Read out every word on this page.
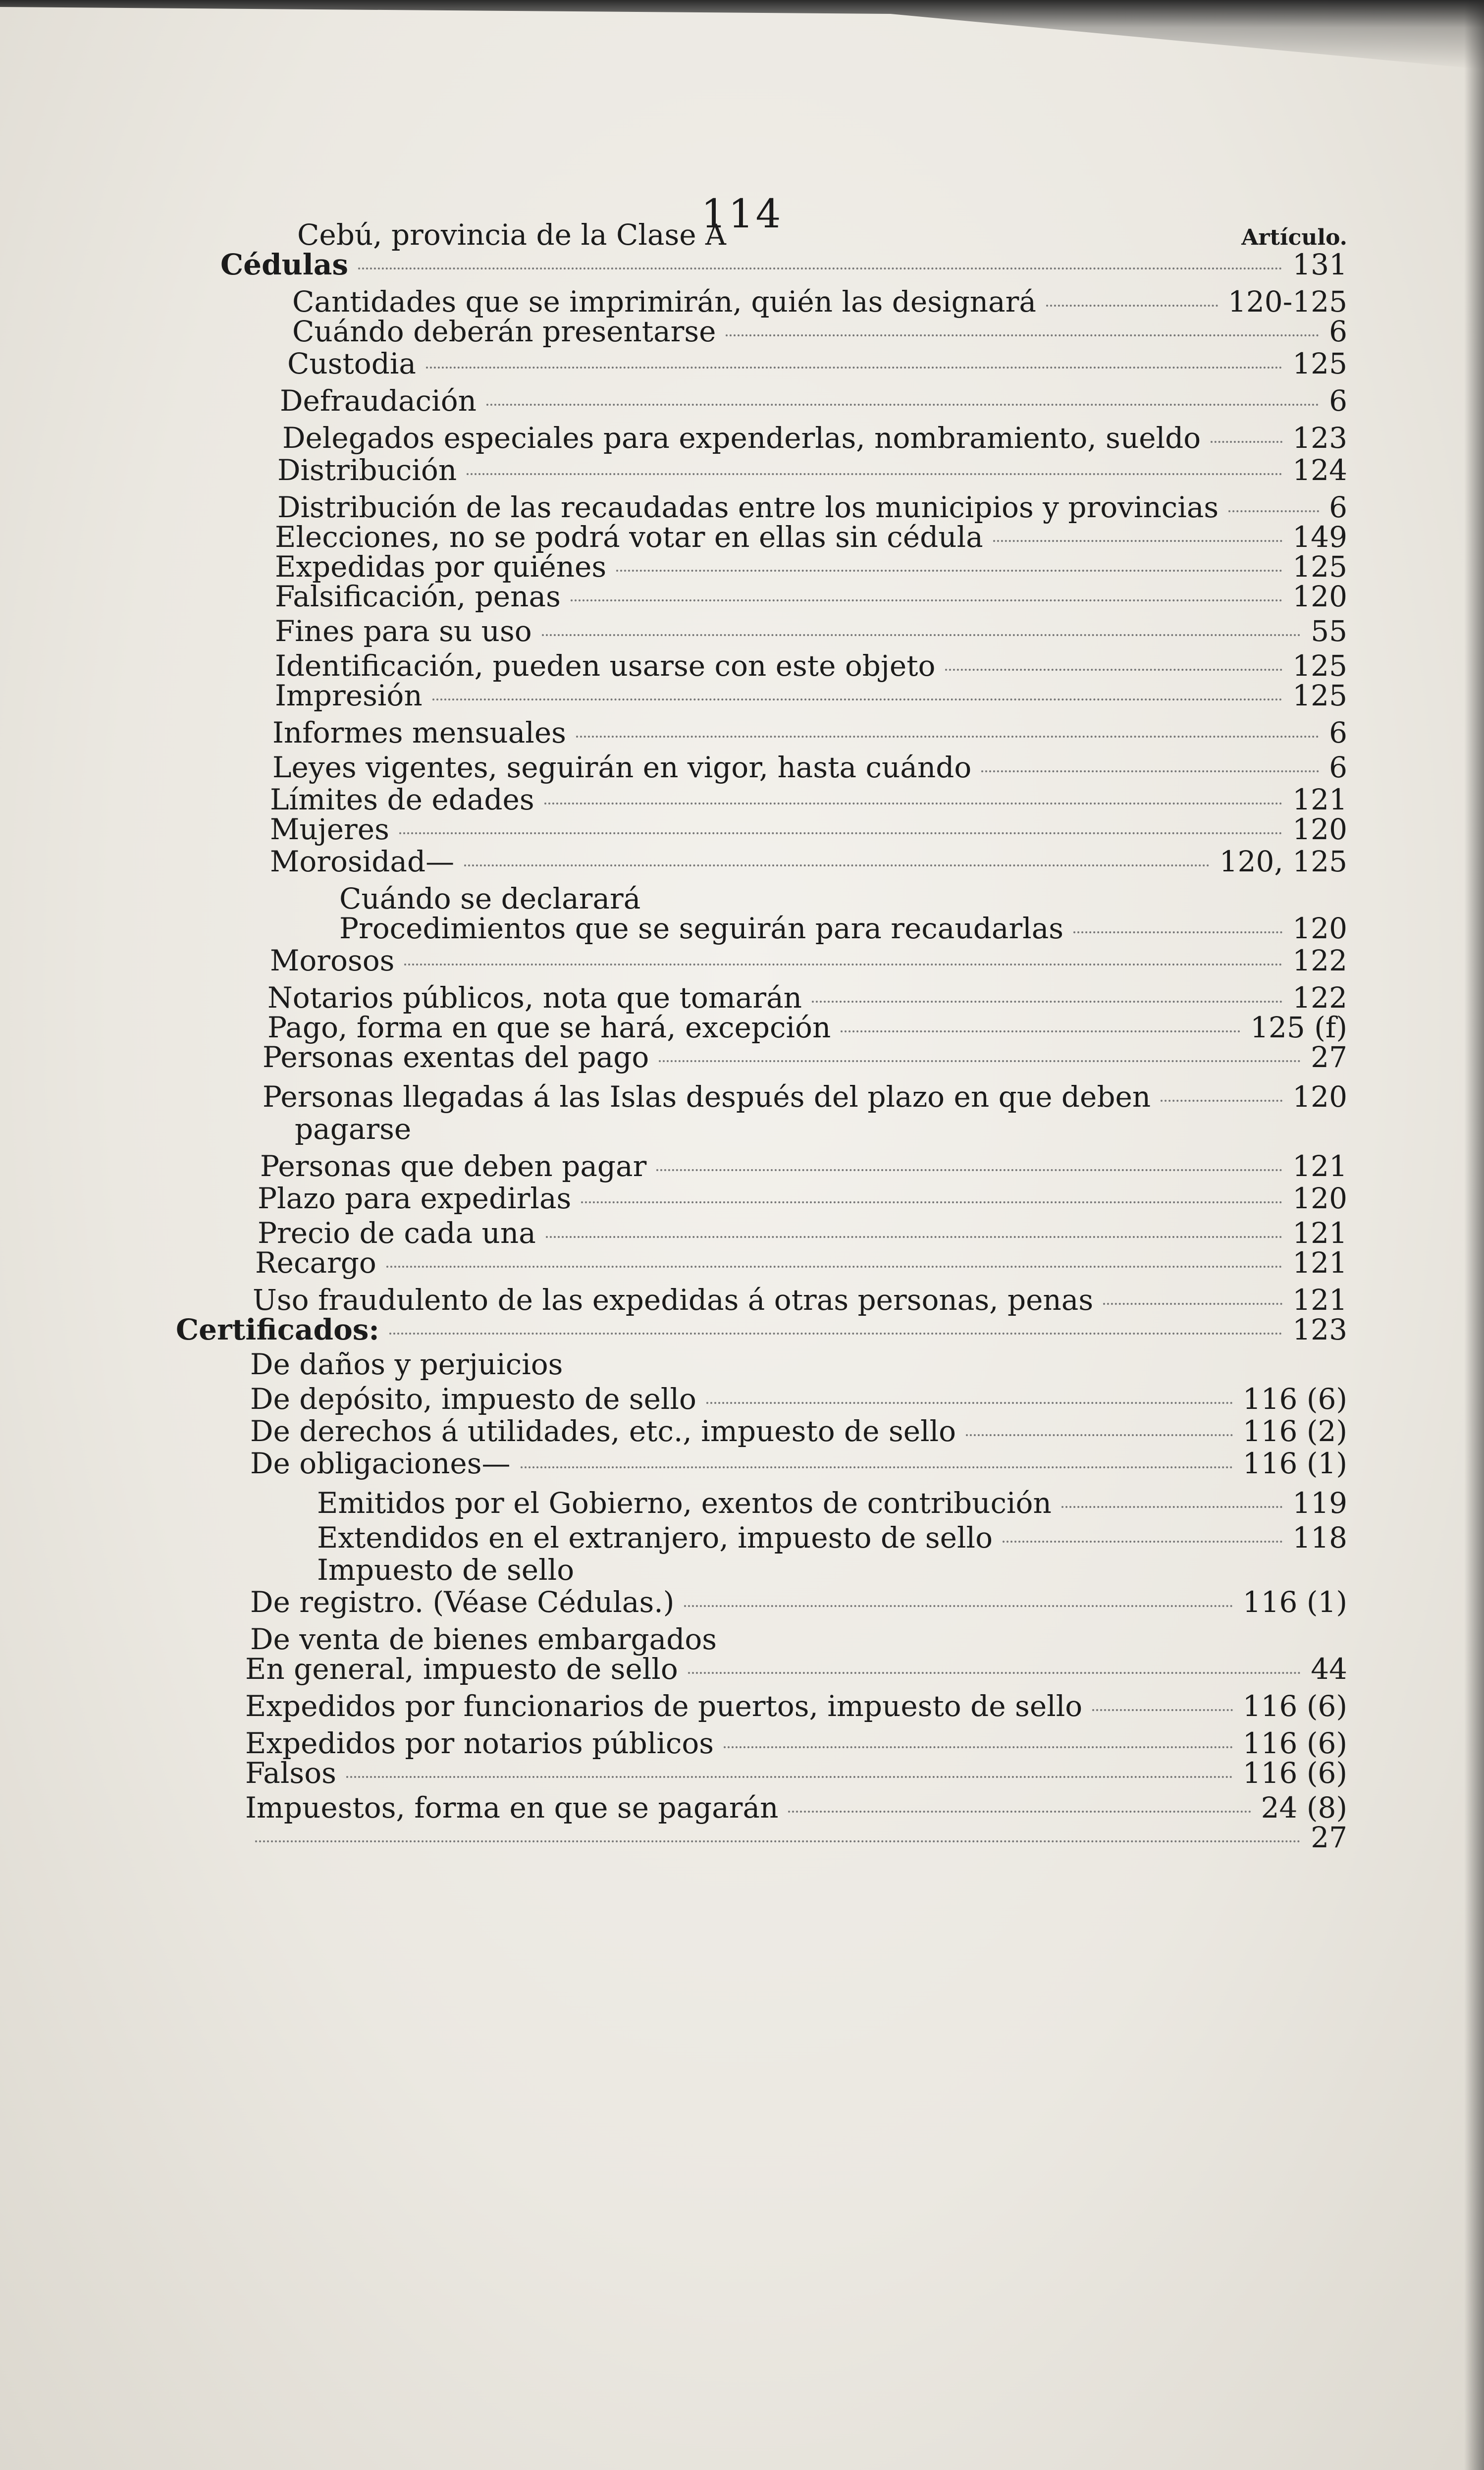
114
Cebú, provincia de la Clase A	Artículo.
Cédulas	131
Cantidades que se imprimirán, quién las designará	120-125
Cuándo deberán presentarse	6
Custodia	125
Defraudación	6
Delegados especiales para expenderlas, nombramiento, sueldo	123
Distribución	124
Distribución de las recaudadas entre los municipios y provincias	6
Elecciones, no se podrá votar en ellas sin cédula	149
Expedidas por quiénes	125
Falsificación, penas	120
Fines para su uso	55
Identificación, pueden usarse con este objeto	125
Impresión	125
Informes mensuales	6
Leyes vigentes, seguirán en vigor, hasta cuándo	6
Límites de edades	121
Mujeres	120
Morosidad—	120, 125
Cuándo se declarará
Procedimientos que se seguirán para recaudarlas	120
Morosos	122
Notarios públicos, nota que tomarán	122
Pago, forma en que se hará, excepción	125 (f)
Personas exentas del pago	27
Personas llegadas á las Islas después del plazo en que deben	120
pagarse
Personas que deben pagar	121
Plazo para expedirlas	120
Precio de cada una	121
Recargo	121
Uso fraudulento de las expedidas á otras personas, penas	121
Certificados:	123
De daños y perjuicios
De depósito, impuesto de sello	116 (6)
De derechos á utilidades, etc., impuesto de sello	116 (2)
De obligaciones—	116 (1)
Emitidos por el Gobierno, exentos de contribución	119
Extendidos en el extranjero, impuesto de sello	118
Impuesto de sello
De registro. (Véase Cédulas.)	116 (1)
De venta de bienes embargados
En general, impuesto de sello	44
Expedidos por funcionarios de puertos, impuesto de sello	116 (6)
Expedidos por notarios públicos	116 (6)
Falsos	116 (6)
Impuestos, forma en que se pagarán	24 (8)
27
